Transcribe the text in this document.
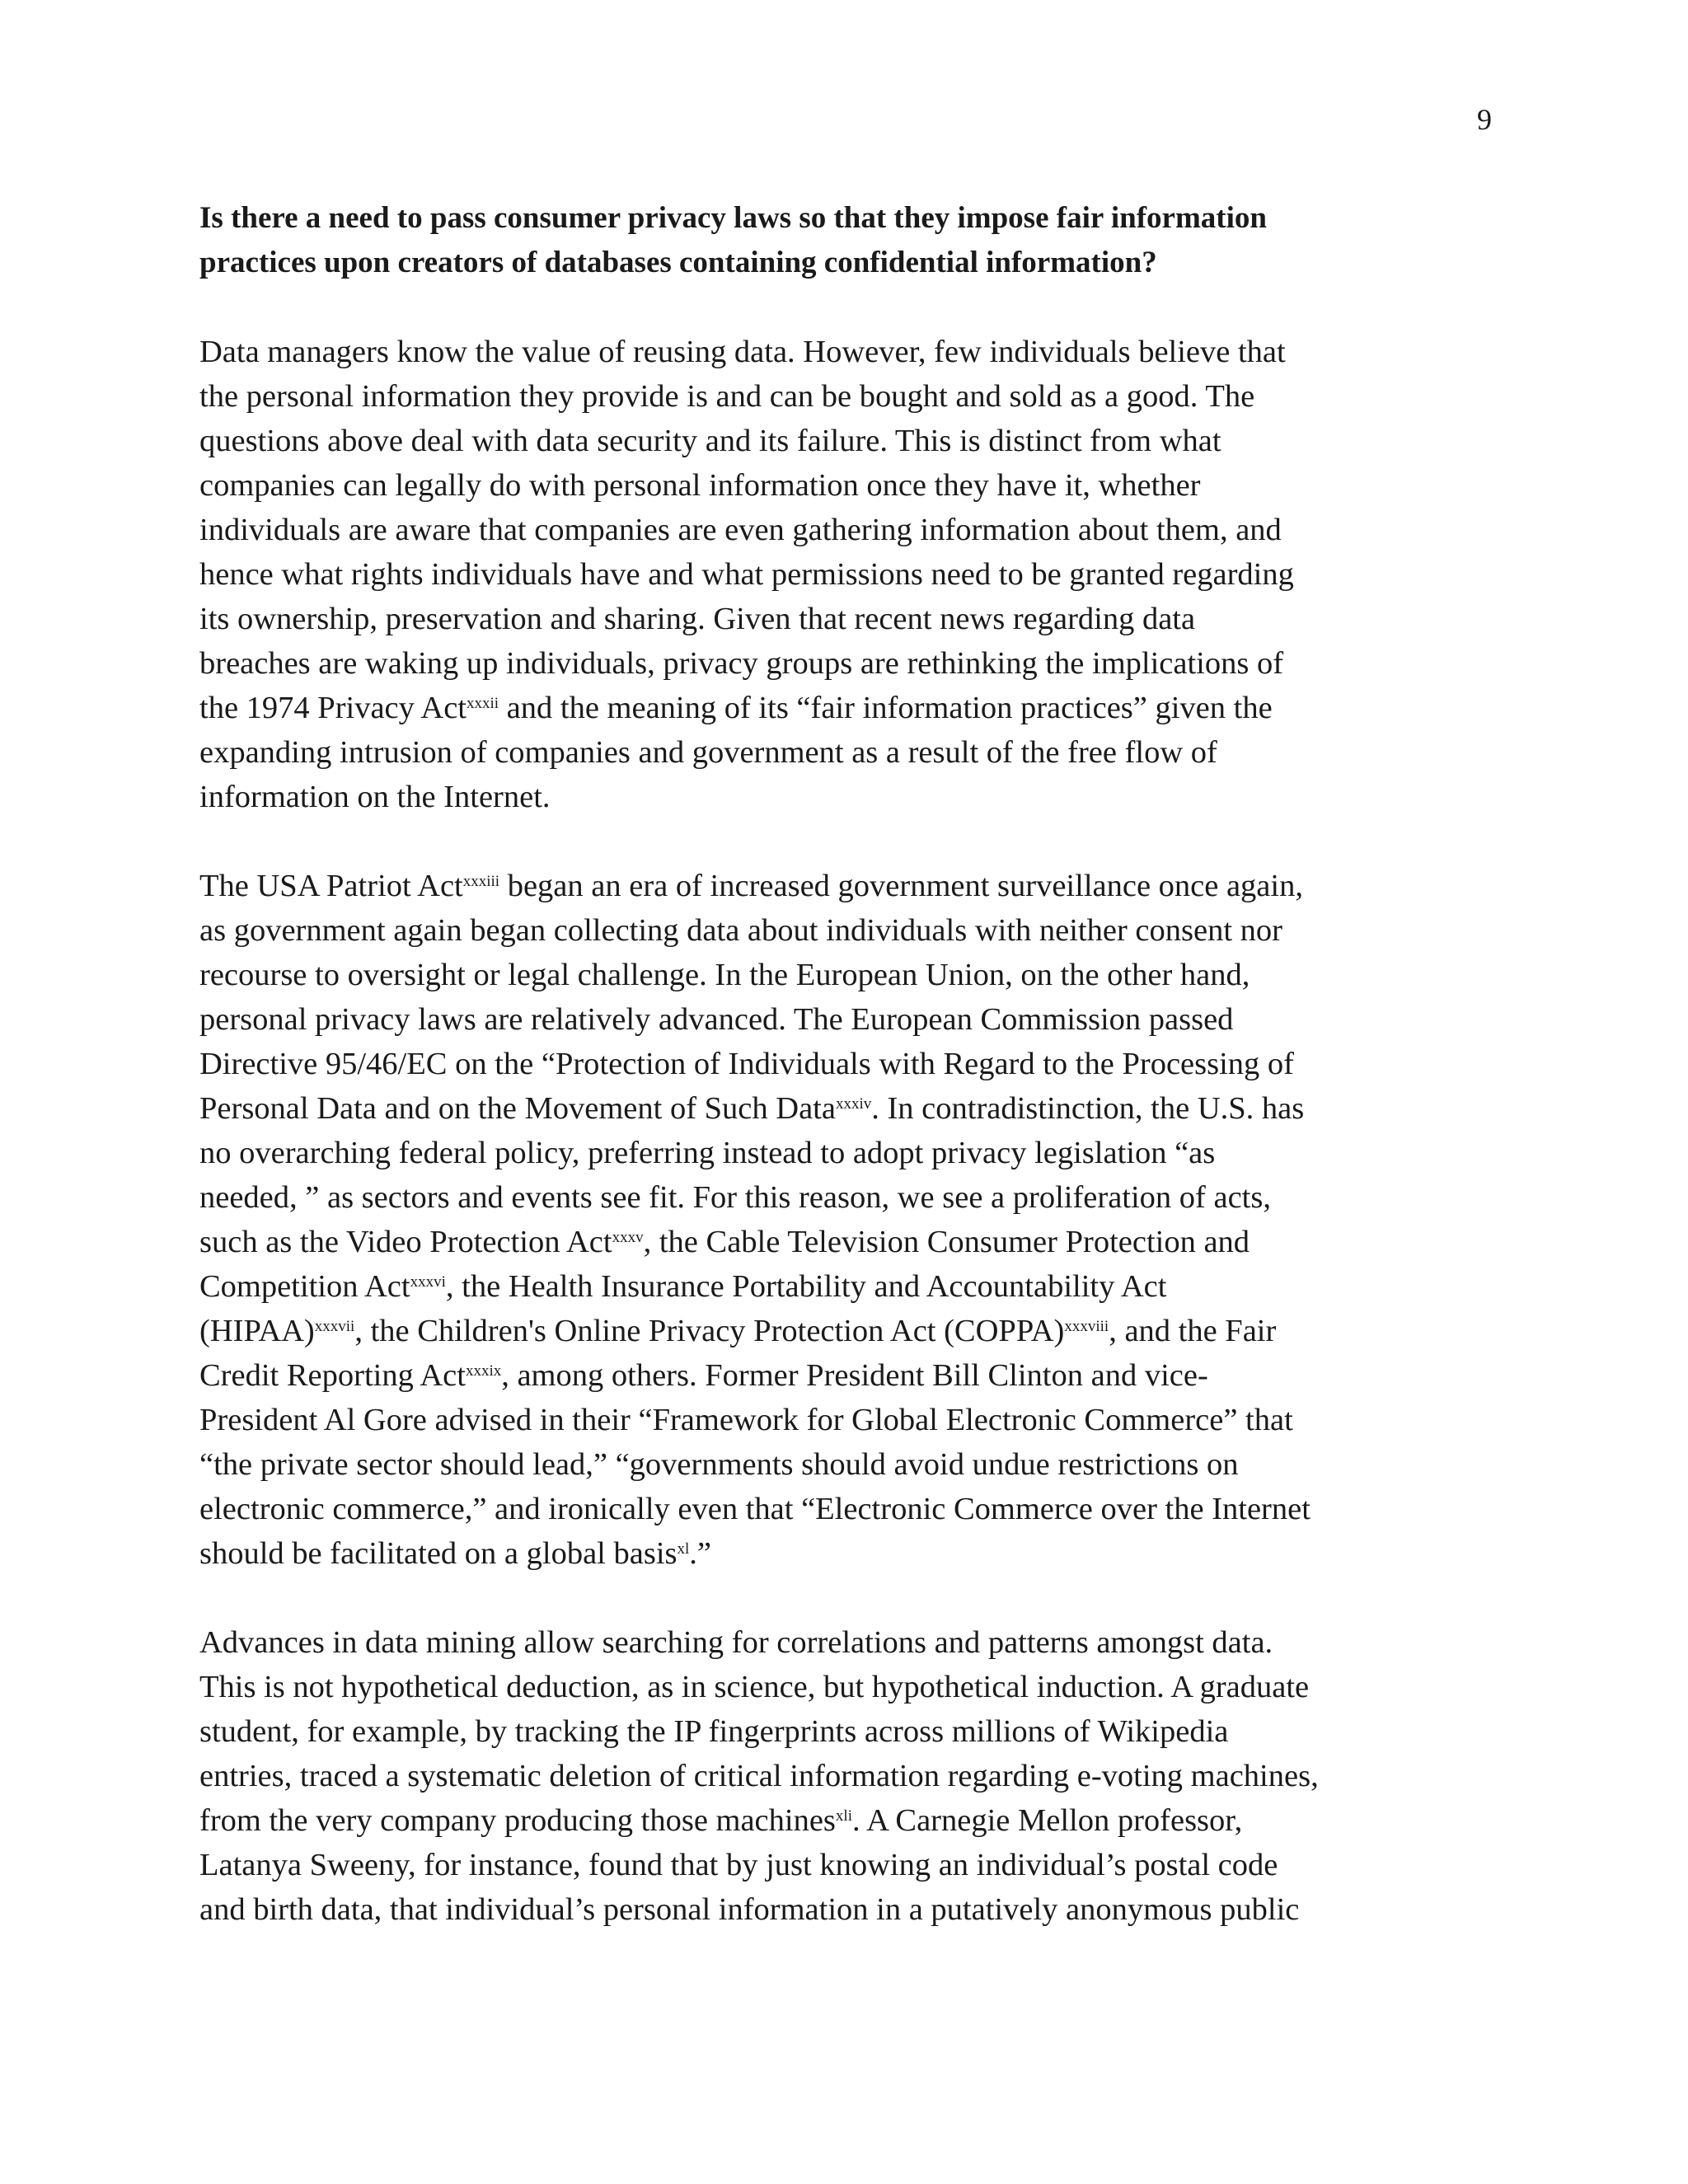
9

Is there a need to pass consumer privacy laws so that they impose fair information
practices upon creators of databases containing confidential information?

Data managers know the value of reusing data. However, few individuals believe that
the personal information they provide is and can be bought and sold as a good. The
questions above deal with data security and its failure. This is distinct from what
companies can legally do with personal information once they have it, whether
individuals are aware that companies are even gathering information about them, and
hence what rights individuals have and what permissions need to be granted regarding
its ownership, preservation and sharing. Given that recent news regarding data
breaches are waking up individuals, privacy groups are rethinking the implications of
the 1974 Privacy Act$^{xxxii}$ and the meaning of its “fair information practices” given the
expanding intrusion of companies and government as a result of the free flow of
information on the Internet.

The USA Patriot Act$^{xxxiii}$ began an era of increased government surveillance once again,
as government again began collecting data about individuals with neither consent nor
recourse to oversight or legal challenge. In the European Union, on the other hand,
personal privacy laws are relatively advanced. The European Commission passed
Directive 95/46/EC on the “Protection of Individuals with Regard to the Processing of
Personal Data and on the Movement of Such Data$^{xxxiv}$. In contradistinction, the U.S. has
no overarching federal policy, preferring instead to adopt privacy legislation “as
needed, ” as sectors and events see fit. For this reason, we see a proliferation of acts,
such as the Video Protection Act$^{xxxv}$, the Cable Television Consumer Protection and
Competition Act$^{xxxvi}$, the Health Insurance Portability and Accountability Act
(HIPAA)$^{xxxvii}$, the Children's Online Privacy Protection Act (COPPA)$^{xxxviii}$, and the Fair
Credit Reporting Act$^{xxxix}$, among others. Former President Bill Clinton and vice-
President Al Gore advised in their “Framework for Global Electronic Commerce” that
“the private sector should lead,” “governments should avoid undue restrictions on
electronic commerce,” and ironically even that “Electronic Commerce over the Internet
should be facilitated on a global basis$^{xl}$.”

Advances in data mining allow searching for correlations and patterns amongst data.
This is not hypothetical deduction, as in science, but hypothetical induction. A graduate
student, for example, by tracking the IP fingerprints across millions of Wikipedia
entries, traced a systematic deletion of critical information regarding e-voting machines,
from the very company producing those machines$^{xli}$. A Carnegie Mellon professor,
Latanya Sweeny, for instance, found that by just knowing an individual’s postal code
and birth data, that individual’s personal information in a putatively anonymous public
